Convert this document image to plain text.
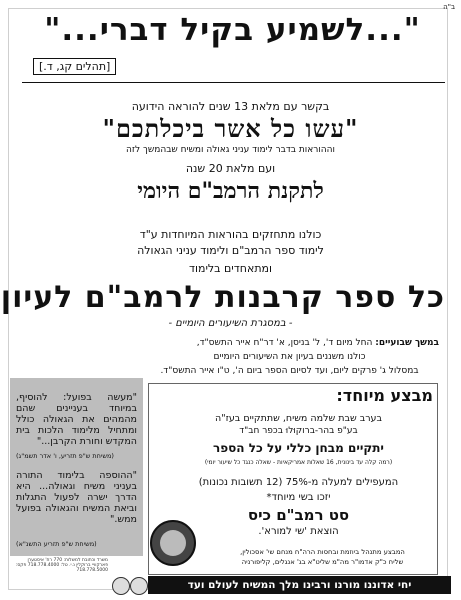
ב"ה
"...לשמיע בקיל דברי..."
[תהלים קג, ד.]
בקשר עם מלאת 13 שנים להוראה הידועה
"עשו כל אשר ביכלתכם"
וההוראות בדבר לימוד עניני גאולה ומשיח שבהמשך לזה
ועם מלאת 20 שנה
לתקנת הרמב"ם היומי
כולנו מתחזקים בהוראות המיוחדות ע"ד
לימוד ספר הרמב"ם ולימוד עניני הגאולה
ומתאחדים בלימוד
כל ספר קרבנות לרמב"ם לעיון
- במסגרת השיעורים היומיים -
במשך שבועיים: החל מיום ד', ל' בניסן, א' דר"ח אייר התשס"ד,
כולנו משננים בעיון את השיעורים היומיים
במסלול ג' פרקים ליום, ועד לסיום הספר ביום ה', ט"ו אייר התשס"ד.
"מעשה בפועל: להוסיף, במיוחד בעניינים שהם מהמהים את הגאולה כולל ומתחיל מלימוד הלכות בית המקדש וחורת הקרבן..."
(משיחת ש"פ תזריע, ו' אדר תשמ"ג)
"ההוספה בלימוד התורה בעניני משיח וגאולה... היא הדרך ישרה לפעול התגלות וביאת המשיח והגאולה בפועל ממש."
(משיחת ש"פ תזריע התשנ"א)
מבצע מיוחד:
בערב שבת שלמה משיח, שתתקיים בעז"ה
בע"פ בהר-ברוקוּלוּ בכפר חב"ד
יתקיים מבחן כללי על כל הספר
(רמה קלה עד בינונית, 16 שאלות אמריקאיות - שאלה כנגד כל שיעור יומי)
המעפילים למעלה מ-75% (12 תשובות נכונות)
יזכו בשי מיוחד*
סט רמב"ם כיס
הוצאת 'שי למורא'.
המבצע מתנהל ביוזמת ובחסות הרה"ח מנחם שי' אסכולין,
שליח כ"ק אדמו"ר מה"מ שליט"א בג' אנגלים, קליפורניה
משרד וכתובת למשלוח: 770 רח' איסטערן פארקוויי ברוקלין נ.י. טל: 718.778.4000 פקס: 718.778.5000
יחי אדוננו מורנו ורבינו מלך המשיח לעולם ועד
